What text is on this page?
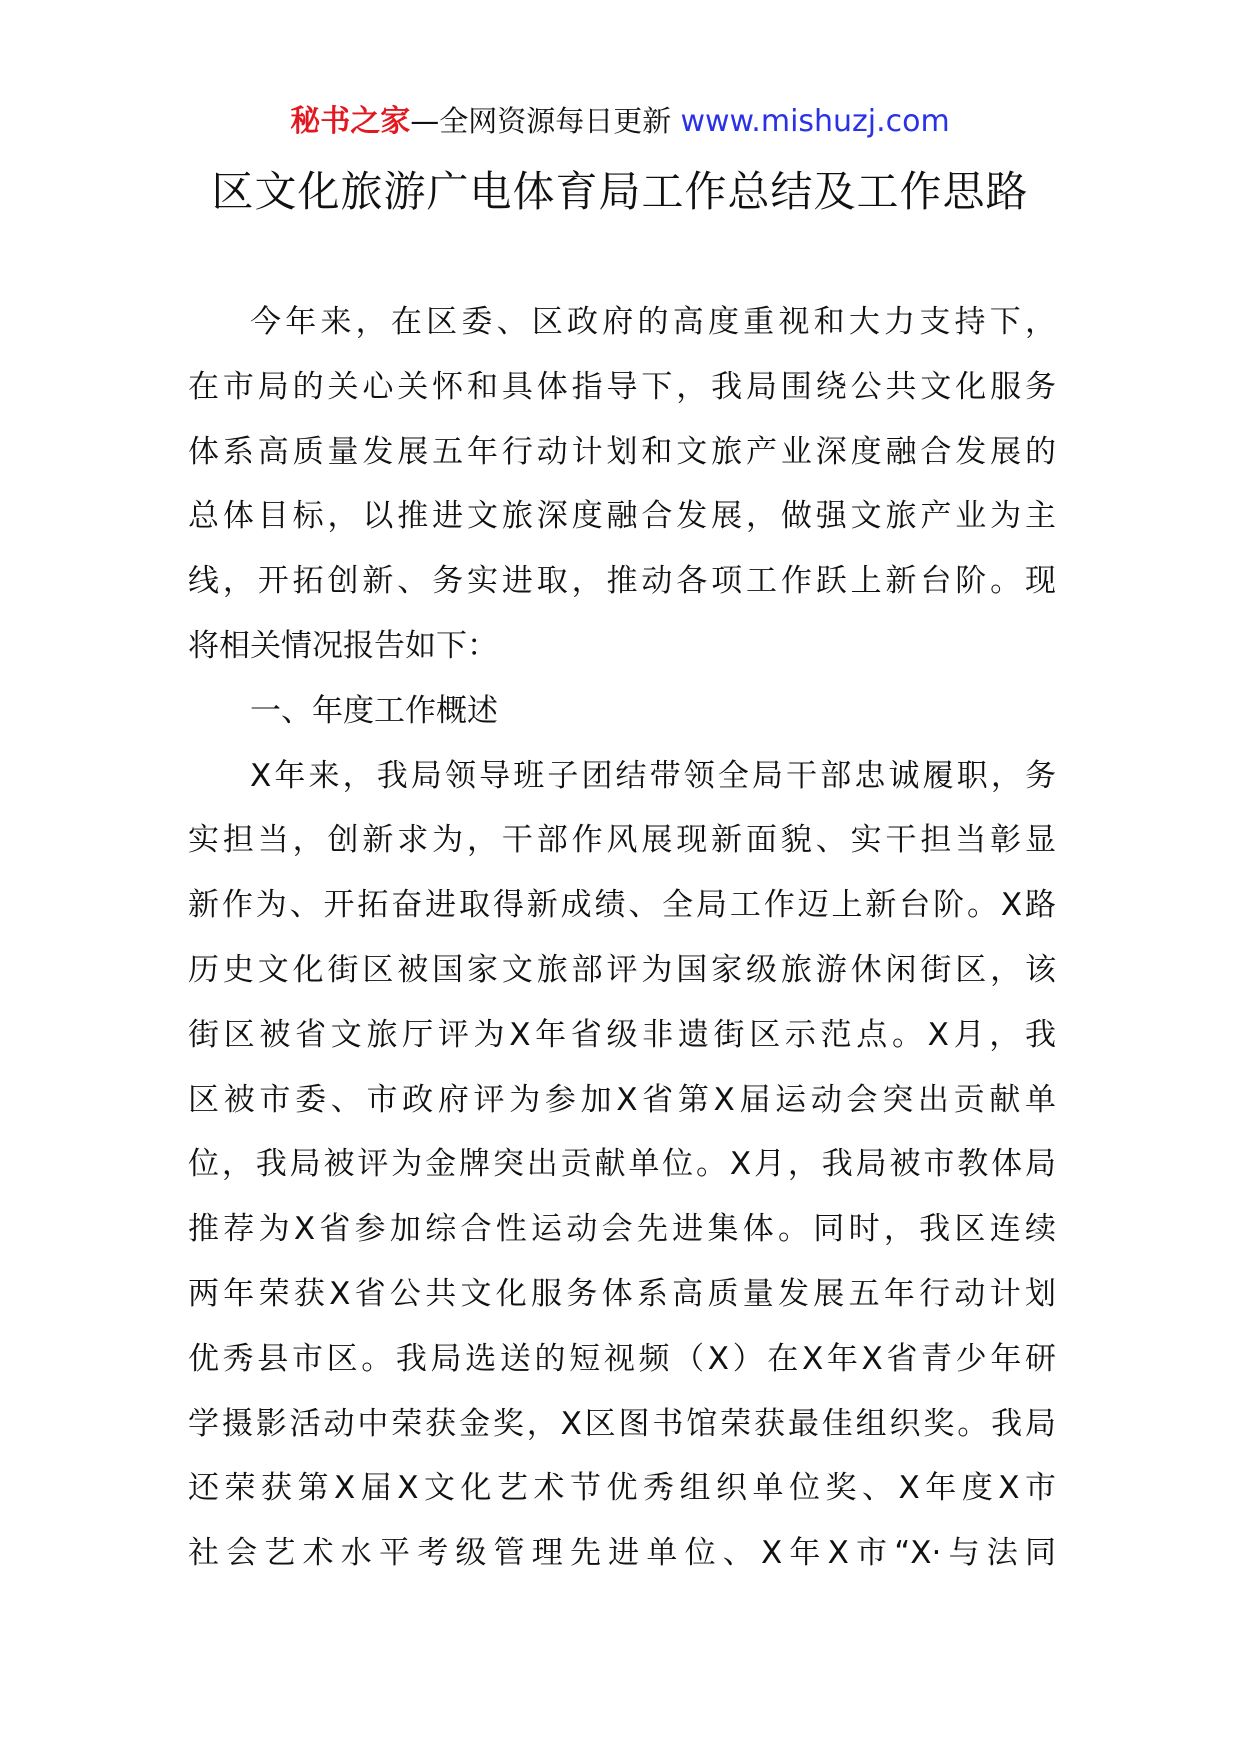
秘书之家—全网资源每日更新 www.mishuzj.com
区文化旅游广电体育局工作总结及工作思路
今年来，在区委、区政府的高度重视和大力支持下，
在市局的关心关怀和具体指导下，我局围绕公共文化服务
体系高质量发展五年行动计划和文旅产业深度融合发展的
总体目标，以推进文旅深度融合发展，做强文旅产业为主
线，开拓创新、务实进取，推动各项工作跃上新台阶。现
将相关情况报告如下：
一、年度工作概述
X年来，我局领导班子团结带领全局干部忠诚履职，务
实担当，创新求为，干部作风展现新面貌、实干担当彰显
新作为、开拓奋进取得新成绩、全局工作迈上新台阶。X路
历史文化街区被国家文旅部评为国家级旅游休闲街区，该
街区被省文旅厅评为X年省级非遗街区示范点。X月，我
区被市委、市政府评为参加X省第X届运动会突出贡献单
位，我局被评为金牌突出贡献单位。X月，我局被市教体局
推荐为X省参加综合性运动会先进集体。同时，我区连续
两年荣获X省公共文化服务体系高质量发展五年行动计划
优秀县市区。我局选送的短视频（X）在X年X省青少年研
学摄影活动中荣获金奖，X区图书馆荣获最佳组织奖。我局
还荣获第X届X文化艺术节优秀组织单位奖、X年度X市
社会艺术水平考级管理先进单位、X年X市“X·与法同
